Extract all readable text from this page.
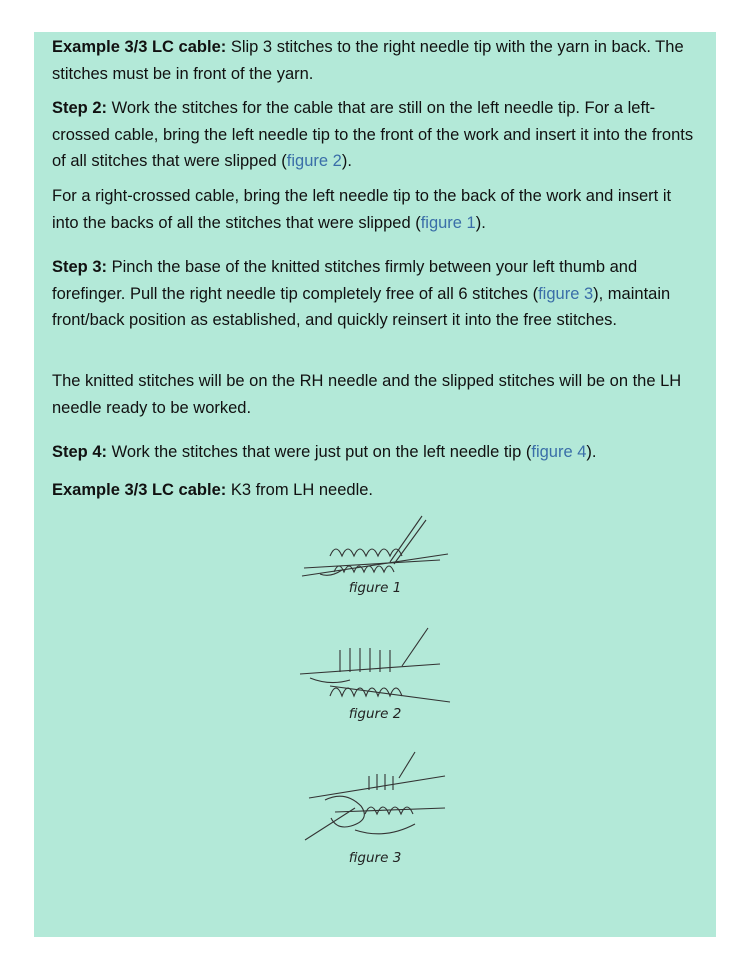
Example 3/3 LC cable: Slip 3 stitches to the right needle tip with the yarn in back. The stitches must be in front of the yarn.

Step 2: Work the stitches for the cable that are still on the left needle tip. For a left-crossed cable, bring the left needle tip to the front of the work and insert it into the fronts of all stitches that were slipped (figure 2).

For a right-crossed cable, bring the left needle tip to the back of the work and insert it into the backs of all the stitches that were slipped (figure 1).

Step 3: Pinch the base of the knitted stitches firmly between your left thumb and forefinger. Pull the right needle tip completely free of all 6 stitches (figure 3), maintain front/back position as established, and quickly reinsert it into the free stitches.

The knitted stitches will be on the RH needle and the slipped stitches will be on the LH needle ready to be worked.

Step 4: Work the stitches that were just put on the left needle tip (figure 4).

Example 3/3 LC cable: K3 from LH needle.

figure 1
figure 2
figure 3
